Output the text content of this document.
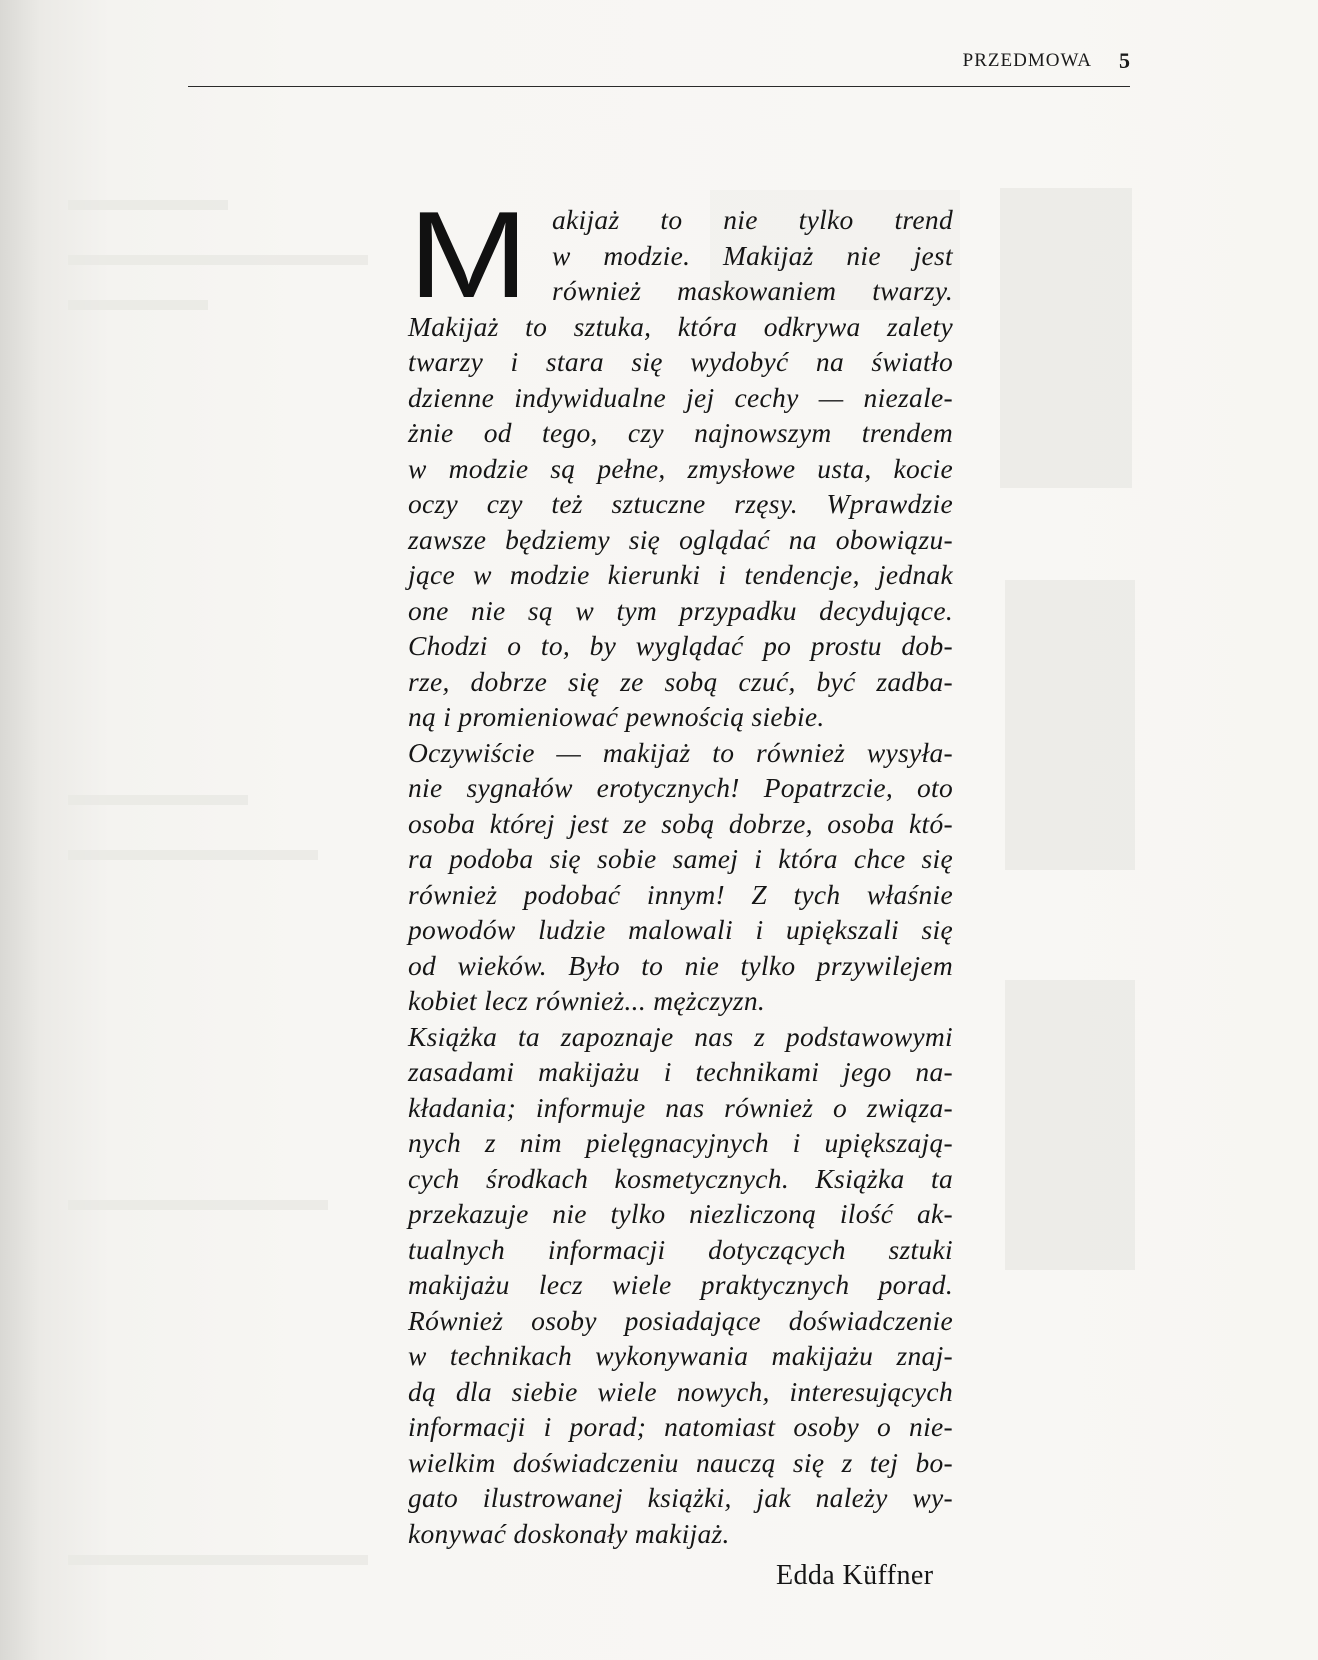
PRZEDMOWA 5
M akijaż to nie tylko trend
w modzie. Makijaż nie jest
również maskowaniem twarzy.
Makijaż to sztuka, która odkrywa zalety
twarzy i stara się wydobyć na światło
dzienne indywidualne jej cechy — niezale-
żnie od tego, czy najnowszym trendem
w modzie są pełne, zmysłowe usta, kocie
oczy czy też sztuczne rzęsy. Wprawdzie
zawsze będziemy się oglądać na obowiązu-
jące w modzie kierunki i tendencje, jednak
one nie są w tym przypadku decydujące.
Chodzi o to, by wyglądać po prostu dob-
rze, dobrze się ze sobą czuć, być zadba-
ną i promieniować pewnością siebie.
Oczywiście — makijaż to również wysyła-
nie sygnałów erotycznych! Popatrzcie, oto
osoba której jest ze sobą dobrze, osoba któ-
ra podoba się sobie samej i która chce się
również podobać innym! Z tych właśnie
powodów ludzie malowali i upiększali się
od wieków. Było to nie tylko przywilejem
kobiet lecz również... mężczyzn.
Książka ta zapoznaje nas z podstawowymi
zasadami makijażu i technikami jego na-
kładania; informuje nas również o związa-
nych z nim pielęgnacyjnych i upiększają-
cych środkach kosmetycznych. Książka ta
przekazuje nie tylko niezliczoną ilość ak-
tualnych informacji dotyczących sztuki
makijażu lecz wiele praktycznych porad.
Również osoby posiadające doświadczenie
w technikach wykonywania makijażu znaj-
dą dla siebie wiele nowych, interesujących
informacji i porad; natomiast osoby o nie-
wielkim doświadczeniu nauczą się z tej bo-
gato ilustrowanej książki, jak należy wy-
konywać doskonały makijaż.
Edda Küffner
